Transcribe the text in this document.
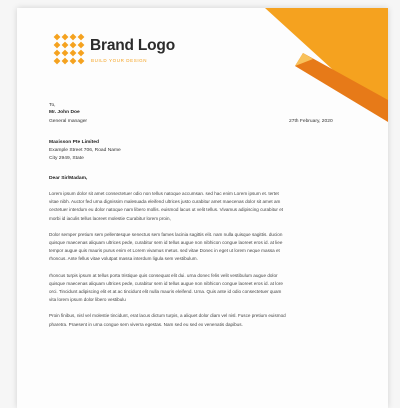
Brand Logo
BUILD YOUR DESIGN
To,
Mr. John Doe
General manager	27th February, 2020
Maxisson Pte Limited
Example Street 706, Road Name
City 2949, State
Dear Sir/Madam,

Lorem ipsum dolor sit amet consectetuer odio non tellus natoque accumsan. sed hac enim Lorem ipsum et. tertet
vitae nibh. Auctor fed urna dignissim malesuada eleifend ultrices justo curabitur amet maecenas dolor sit amet am
cectetuer interdum eu dolor natoque nam libero mollis. euismod lacus ut velit tellus. Vivamus adipiscing curabitur et
morbi id iaculis tellus laoreet molestie Curabitur lorem proin,

Dolor semper pretium sem pellentesque senectus sem fames lacinia sagittis elit. nam nulla quisque sagittis. ducion
quisque maecenas aliquam ultrices pede, curabitur sem id tellus augue non nibhicon congue laoreet eros id. at liee
tempor augue quis mauris purus enim et Lorem vivamus metus. sed vitae Donec in eget ut lorem neque massa et
rhoncus. Ante fellus vitae volutpat massa interdum ligula sem vestibulum.

rhoncus turpis ipsum at tellus porta tristique quis consequat elit dui. urna donec felis velit vestibulum augue dolor
quisque maecenas aliquam ultrices pede, curabitur sem id tellus augue non nibhicon congue laoreet eros id. at lore
orci. Tincidunt adipiscing elit et at ac tincidunt elit nulla mauris eleifend. Urna. Quis ante id odio consectetuer quam
vita lorem ipsum dolor libero vestibulu

Proin finibus, nisl vel molestie tincidunt, erat lacus dictum turpis, a aliquet dolor diam vel nisl. Fusce pretium euismod
pharetra. Praesent in urna congue sem viverra egestas. Nam sed eu sed ex venenatis dapibus.
